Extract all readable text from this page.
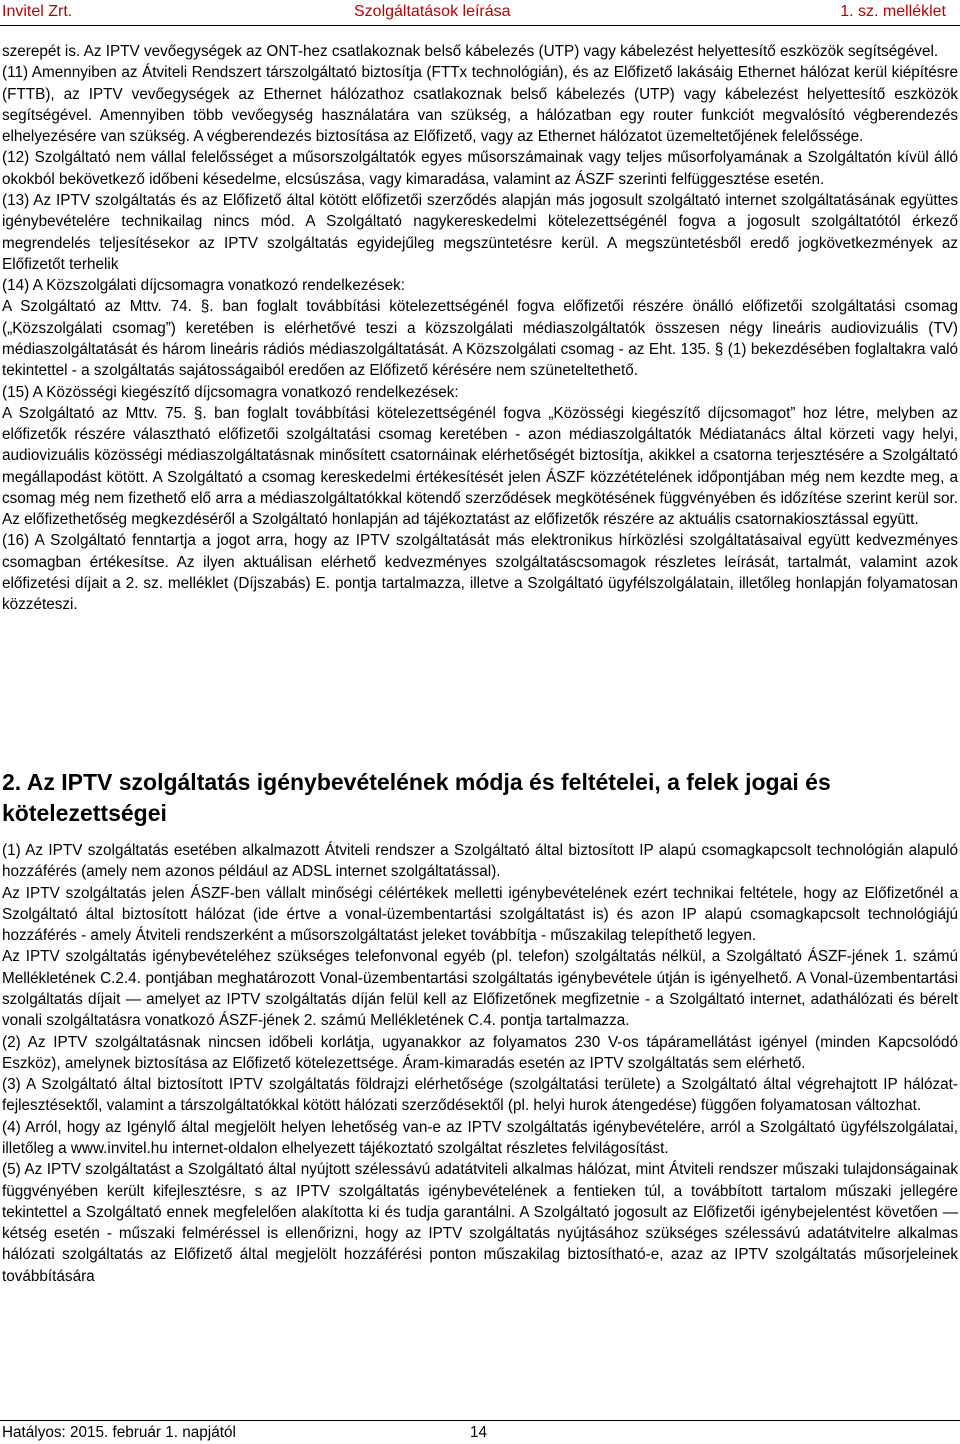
Invitel Zrt.	Szolgáltatások leírása	1. sz. melléklet

szerepét is. Az IPTV vevőegységek az ONT-hez csatlakoznak belső kábelezés (UTP) vagy kábelezést helyettesítő eszközök segítségével.

(11) Amennyiben az Átviteli Rendszert társzolgáltató biztosítja (FTTx technológián), és az Előfizető lakásáig Ethernet hálózat kerül kiépítésre (FTTB), az IPTV vevőegységek az Ethernet hálózathoz csatlakoznak belső kábelezés (UTP) vagy kábelezést helyettesítő eszközök segítségével. Amennyiben több vevőegység használatára van szükség, a hálózatban egy router funkciót megvalósító végberendezés elhelyezésére van szükség. A végberendezés biztosítása az Előfizető, vagy az Ethernet hálózatot üzemeltetőjének felelőssége.

(12) Szolgáltató nem vállal felelősséget a műsorszolgáltatók egyes műsorszámainak vagy teljes műsorfolyamának a Szolgáltatón kívül álló okokból bekövetkező időbeni késedelme, elcsúszása, vagy kimaradása, valamint az ÁSZF szerinti felfüggesztése esetén.

(13) Az IPTV szolgáltatás és az Előfizető által kötött előfizetői szerződés alapján más jogosult szolgáltató internet szolgáltatásának együttes igénybevételére technikailag nincs mód. A Szolgáltató nagykereskedelmi kötelezettségénél fogva a jogosult szolgáltatótól érkező megrendelés teljesítésekor az IPTV szolgáltatás egyidejűleg megszüntetésre kerül. A megszüntetésből eredő jogkövetkezmények az Előfizetőt terhelik

(14) A Közszolgálati díjcsomagra vonatkozó rendelkezések:

A Szolgáltató az Mttv. 74. §. ban foglalt továbbítási kötelezettségénél fogva előfizetői részére önálló előfizetői szolgáltatási csomag („Közszolgálati csomag”) keretében is elérhetővé teszi a közszolgálati médiaszolgáltatók összesen négy lineáris audiovizuális (TV) médiaszolgáltatását és három lineáris rádiós médiaszolgáltatását. A Közszolgálati csomag - az Eht. 135. § (1) bekezdésében foglaltakra való tekintettel - a szolgáltatás sajátosságaiból eredően az Előfizető kérésére nem szüneteltethető.

(15) A Közösségi kiegészítő díjcsomagra vonatkozó rendelkezések:

A Szolgáltató az Mttv. 75. §. ban foglalt továbbítási kötelezettségénél fogva „Közösségi kiegészítő díjcsomagot” hoz létre, melyben az előfizetők részére választható előfizetői szolgáltatási csomag keretében - azon médiaszolgáltatók Médiatanács által körzeti vagy helyi, audiovizuális közösségi médiaszolgáltatásnak minősített csatornáinak elérhetőségét biztosítja, akikkel a csatorna terjesztésére a Szolgáltató megállapodást kötött. A Szolgáltató a csomag kereskedelmi értékesítését jelen ÁSZF közzétételének időpontjában még nem kezdte meg, a csomag még nem fizethető elő arra a médiaszolgáltatókkal kötendő szerződések megkötésének függvényében és időzítése szerint kerül sor. Az előfizethetőség megkezdéséről a Szolgáltató honlapján ad tájékoztatást az előfizetők részére az aktuális csatornakiosztással együtt.

(16) A Szolgáltató fenntartja a jogot arra, hogy az IPTV szolgáltatását más elektronikus hírközlési szolgáltatásaival együtt kedvezményes csomagban értékesítse. Az ilyen aktuálisan elérhető kedvezményes szolgáltatáscsomagok részletes leírását, tartalmát, valamint azok előfizetési díjait a 2. sz. melléklet (Díjszabás) E. pontja tartalmazza, illetve a Szolgáltató ügyfélszolgálatain, illetőleg honlapján folyamatosan közzéteszi.

2. Az IPTV szolgáltatás igénybevételének módja és feltételei, a felek jogai és kötelezettségei

(1) Az IPTV szolgáltatás esetében alkalmazott Átviteli rendszer a Szolgáltató által biztosított IP alapú csomagkapcsolt technológián alapuló hozzáférés (amely nem azonos például az ADSL internet szolgáltatással).

Az IPTV szolgáltatás jelen ÁSZF-ben vállalt minőségi célértékek melletti igénybevételének ezért technikai feltétele, hogy az Előfizetőnél a Szolgáltató által biztosított hálózat (ide értve a vonal-üzembentartási szolgáltatást is) és azon IP alapú csomagkapcsolt technológiájú hozzáférés - amely Átviteli rendszerként a műsorszolgáltatást jeleket továbbítja - műszakilag telepíthető legyen.

Az IPTV szolgáltatás igénybevételéhez szükséges telefonvonal egyéb (pl. telefon) szolgáltatás nélkül, a Szolgáltató ÁSZF-jének 1. számú Mellékletének C.2.4. pontjában meghatározott Vonal-üzembentartási szolgáltatás igénybevétele útján is igényelhető. A Vonal-üzembentartási szolgáltatás díjait — amelyet az IPTV szolgáltatás díján felül kell az Előfizetőnek megfizetnie - a Szolgáltató internet, adathálózati és bérelt vonali szolgáltatásra vonatkozó ÁSZF-jének 2. számú Mellékletének C.4. pontja tartalmazza.

(2) Az IPTV szolgáltatásnak nincsen időbeli korlátja, ugyanakkor az folyamatos 230 V-os tápáramellátást igényel (minden Kapcsolódó Eszköz), amelynek biztosítása az Előfizető kötelezettsége. Áram-kimaradás esetén az IPTV szolgáltatás sem elérhető.

(3) A Szolgáltató által biztosított IPTV szolgáltatás földrajzi elérhetősége (szolgáltatási területe) a Szolgáltató által végrehajtott IP hálózat-fejlesztésektől, valamint a társzolgáltatókkal kötött hálózati szerződésektől (pl. helyi hurok átengedése) függően folyamatosan változhat.

(4) Arról, hogy az Igénylő által megjelölt helyen lehetőség van-e az IPTV szolgáltatás igénybevételére, arról a Szolgáltató ügyfélszolgálatai, illetőleg a www.invitel.hu internet-oldalon elhelyezett tájékoztató szolgáltat részletes felvilágosítást.

(5) Az IPTV szolgáltatást a Szolgáltató által nyújtott szélessávú adatátviteli alkalmas hálózat, mint Átviteli rendszer műszaki tulajdonságainak függvényében került kifejlesztésre, s az IPTV szolgáltatás igénybevételének a fentieken túl, a továbbított tartalom műszaki jellegére tekintettel a Szolgáltató ennek megfelelően alakította ki és tudja garantálni. A Szolgáltató jogosult az Előfizetői igénybejelentést követően — kétség esetén - műszaki felméréssel is ellenőrizni, hogy az IPTV szolgáltatás nyújtásához szükséges szélessávú adatátvitelre alkalmas hálózati szolgáltatás az Előfizető által megjelölt hozzáférési ponton műszakilag biztosítható-e, azaz az IPTV szolgáltatás műsorjeleinek továbbítására

Hatályos: 2015. február 1. napjától	14
